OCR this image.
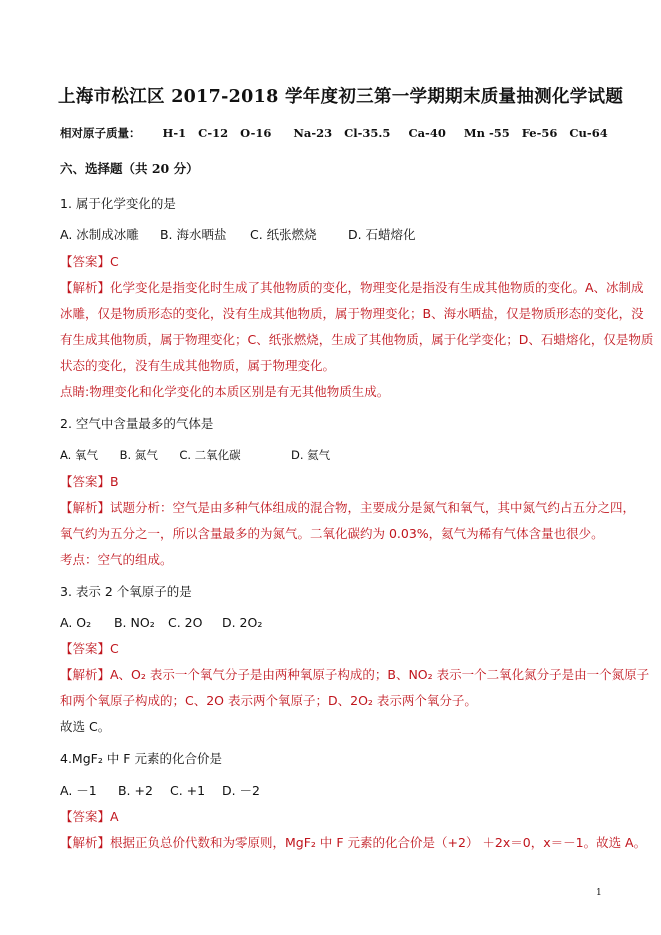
上海市松江区 2017-2018 学年度初三第一学期期末质量抽测化学试题
相对原子质量： H-1 C-12 O-16 Na-23 Cl-35.5 Ca-40 Mn -55 Fe-56 Cu-64
六、选择题（共 20 分）
1. 属于化学变化的是
A. 冰制成冰雕 B. 海水晒盐 C. 纸张燃烧	D. 石蜡熔化
【答案】C
【解析】化学变化是指变化时生成了其他物质的变化，物理变化是指没有生成其他物质的变化。A、冰制成
冰雕，仅是物质形态的变化，没有生成其他物质，属于物理变化；B、海水晒盐，仅是物质形态的变化，没
有生成其他物质，属于物理变化；C、纸张燃烧，生成了其他物质，属于化学变化；D、石蜡熔化，仅是物质
状态的变化，没有生成其他物质，属于物理变化。
点睛:物理变化和化学变化的本质区别是有无其他物质生成。
2. 空气中含量最多的气体是
A. 氧气 B. 氮气 C. 二氧化碳	D. 氦气
【答案】B
【解析】试题分析：空气是由多种气体组成的混合物，主要成分是氮气和氧气，其中氮气约占五分之四，
氧气约为五分之一，所以含量最多的为氮气。二氧化碳约为 0.03%，氦气为稀有气体含量也很少。
考点：空气的组成。
3. 表示 2 个氧原子的是
A. O₂ B. NO₂ C. 2O D. 2O₂
【答案】C
【解析】A、O₂ 表示一个氧气分子是由两种氧原子构成的；B、NO₂ 表示一个二氧化氮分子是由一个氮原子
和两个氧原子构成的；C、2O 表示两个氧原子；D、2O₂ 表示两个氧分子。
故选 C。
4.MgF₂ 中 F 元素的化合价是
A. －1 B. +2 C. +1 D. －2
【答案】A
【解析】根据正负总价代数和为零原则，MgF₂ 中 F 元素的化合价是（+2） ＋2x＝0，x＝－1。故选 A。
1
